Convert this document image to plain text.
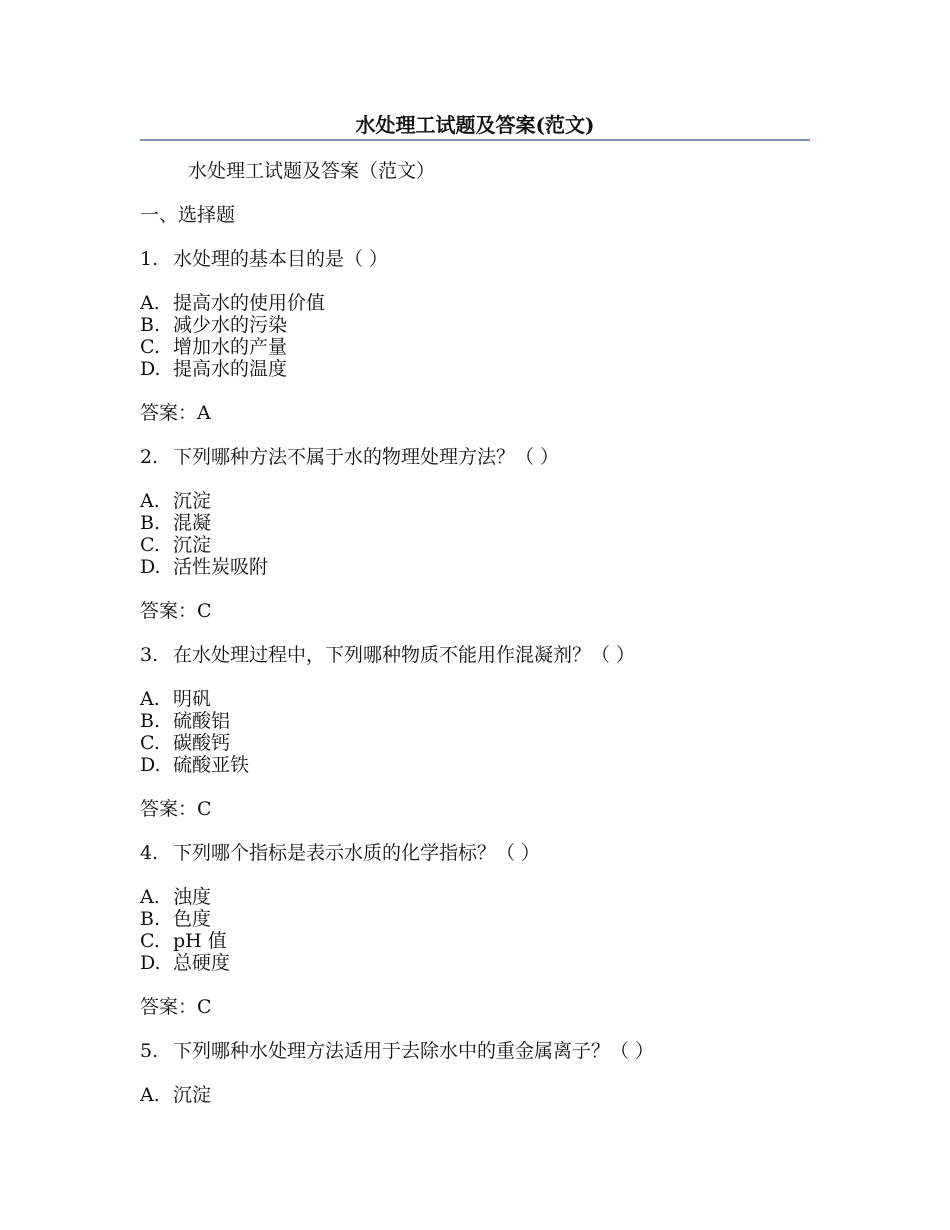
水处理工试题及答案(范文)
水处理工试题及答案（范文）
一、选择题
1. 水处理的基本目的是（ ）
A. 提高水的使用价值
B. 减少水的污染
C. 增加水的产量
D. 提高水的温度
答案：A
2. 下列哪种方法不属于水的物理处理方法？（ ）
A. 沉淀
B. 混凝
C. 沉淀
D. 活性炭吸附
答案：C
3. 在水处理过程中，下列哪种物质不能用作混凝剂？（ ）
A. 明矾
B. 硫酸铝
C. 碳酸钙
D. 硫酸亚铁
答案：C
4. 下列哪个指标是表示水质的化学指标？（ ）
A. 浊度
B. 色度
C. pH 值
D. 总硬度
答案：C
5. 下列哪种水处理方法适用于去除水中的重金属离子？（ ）
A. 沉淀
